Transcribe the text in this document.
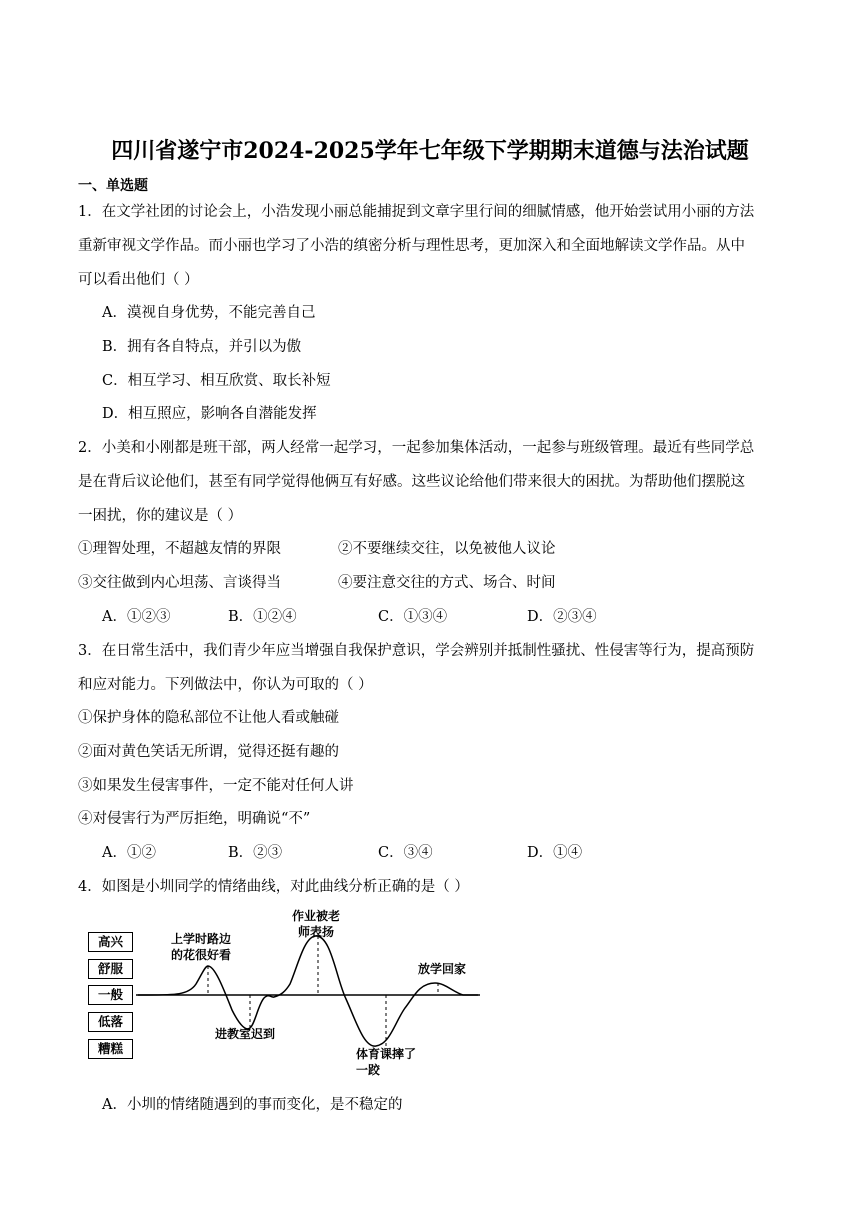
四川省遂宁市2024-2025学年七年级下学期期末道德与法治试题
一、单选题
1．在文学社团的讨论会上，小浩发现小丽总能捕捉到文章字里行间的细腻情感，他开始尝试用小丽的方法
重新审视文学作品。而小丽也学习了小浩的缜密分析与理性思考，更加深入和全面地解读文学作品。从中
可以看出他们（ ）
A．漠视自身优势，不能完善自己
B．拥有各自特点，并引以为傲
C．相互学习、相互欣赏、取长补短
D．相互照应，影响各自潜能发挥
2．小美和小刚都是班干部，两人经常一起学习，一起参加集体活动，一起参与班级管理。最近有些同学总
是在背后议论他们，甚至有同学觉得他俩互有好感。这些议论给他们带来很大的困扰。为帮助他们摆脱这
一困扰，你的建议是（ ）
①理智处理，不超越友情的界限	②不要继续交往，以免被他人议论
③交往做到内心坦荡、言谈得当	④要注意交往的方式、场合、时间
A．①②③	B．①②④	C．①③④	D．②③④
3．在日常生活中，我们青少年应当增强自我保护意识，学会辨别并抵制性骚扰、性侵害等行为，提高预防
和应对能力。下列做法中，你认为可取的（ ）
①保护身体的隐私部位不让他人看或触碰
②面对黄色笑话无所谓，觉得还挺有趣的
③如果发生侵害事件，一定不能对任何人讲
④对侵害行为严厉拒绝，明确说“不”
A．①②	B．②③	C．③④	D．①④
4．如图是小圳同学的情绪曲线，对此曲线分析正确的是（ ）
高兴
舒服
一般
低落
糟糕
上学时路边
的花很好看
作业被老
师表扬
放学回家
进教室迟到
体育课摔了
一跤
A．小圳的情绪随遇到的事而变化，是不稳定的
